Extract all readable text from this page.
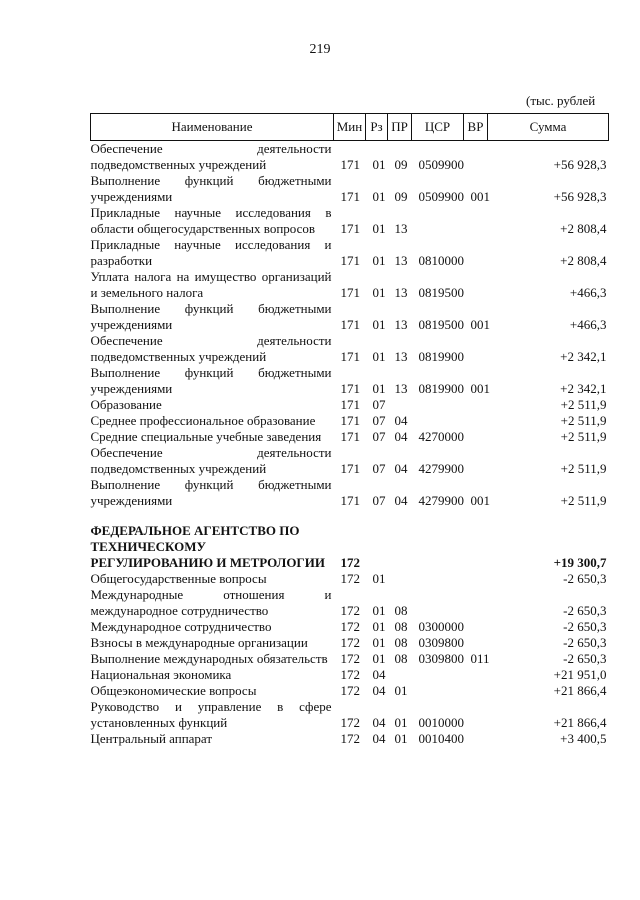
219
(тыс. рублей
Наименование	Мин	Рз	ПР	ЦСР	ВР	Сумма
Обеспечение деятельности подведомственных учреждений	171	01	09	0509900		+56 928,3
Выполнение функций бюджетными учреждениями	171	01	09	0509900	001	+56 928,3
Прикладные научные исследования в области общегосударственных вопросов	171	01	13			+2 808,4
Прикладные научные исследования и разработки	171	01	13	0810000		+2 808,4
Уплата налога на имущество организаций и земельного налога	171	01	13	0819500		+466,3
Выполнение функций бюджетными учреждениями	171	01	13	0819500	001	+466,3
Обеспечение деятельности подведомственных учреждений	171	01	13	0819900		+2 342,1
Выполнение функций бюджетными учреждениями	171	01	13	0819900	001	+2 342,1
Образование	171	07				+2 511,9
Среднее профессиональное образование	171	07	04			+2 511,9
Средние специальные учебные заведения	171	07	04	4270000		+2 511,9
Обеспечение деятельности подведомственных учреждений	171	07	04	4279900		+2 511,9
Выполнение функций бюджетными учреждениями	171	07	04	4279900	001	+2 511,9

ФЕДЕРАЛЬНОЕ АГЕНТСТВО ПО ТЕХНИЧЕСКОМУ РЕГУЛИРОВАНИЮ И МЕТРОЛОГИИ	172					+19 300,7
Общегосударственные вопросы	172	01				-2 650,3
Международные отношения и международное сотрудничество	172	01	08			-2 650,3
Международное сотрудничество	172	01	08	0300000		-2 650,3
Взносы в международные организации	172	01	08	0309800		-2 650,3
Выполнение международных обязательств	172	01	08	0309800	011	-2 650,3
Национальная экономика	172	04				+21 951,0
Общеэкономические вопросы	172	04	01			+21 866,4
Руководство и управление в сфере установленных функций	172	04	01	0010000		+21 866,4
Центральный аппарат	172	04	01	0010400		+3 400,5
